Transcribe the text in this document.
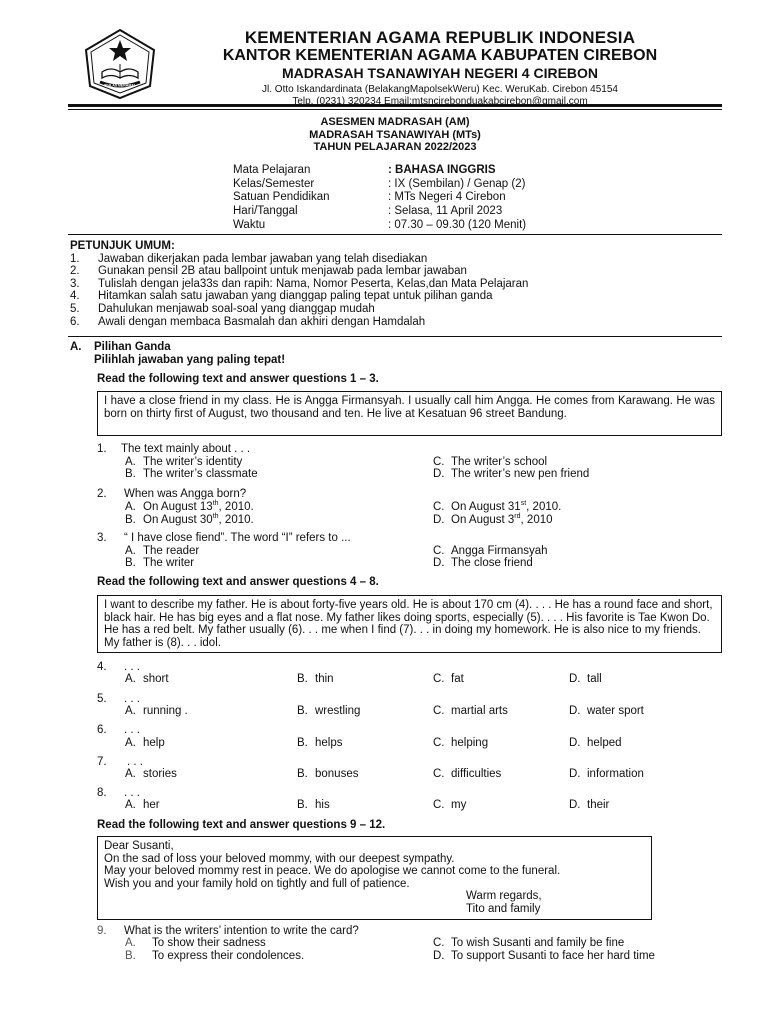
IKHLAS BERAMAL
KEMENTERIAN AGAMA REPUBLIK INDONESIA
KANTOR KEMENTERIAN AGAMA KABUPATEN CIREBON
MADRASAH TSANAWIYAH NEGERI 4 CIREBON
Jl. Otto Iskandardinata (BelakangMapolsekWeru) Kec. WeruKab. Cirebon 45154
Telp. (0231) 320234 Email:mtsncirebonduakabcirebon@gmail.com
ASESMEN MADRASAH (AM)
MADRASAH TSANAWIYAH (MTs)
TAHUN PELAJARAN 2022/2023
Mata Pelajaran	: BAHASA INGGRIS
Kelas/Semester	: IX (Sembilan) / Genap (2)
Satuan Pendidikan	: MTs Negeri 4 Cirebon
Hari/Tanggal	: Selasa, 11 April 2023
Waktu	: 07.30 – 09.30 (120 Menit)
PETUNJUK UMUM:
1.	Jawaban dikerjakan pada lembar jawaban yang telah disediakan
2.	Gunakan pensil 2B atau ballpoint untuk menjawab pada lembar jawaban
3.	Tulislah dengan jela33s dan rapih: Nama, Nomor Peserta, Kelas,dan Mata Pelajaran
4.	Hitamkan salah satu jawaban yang dianggap paling tepat untuk pilihan ganda
5.	Dahulukan menjawab soal-soal yang dianggap mudah
6.	Awali dengan membaca Basmalah dan akhiri dengan Hamdalah
A.	Pilihan Ganda
Pilihlah jawaban yang paling tepat!
Read the following text and answer questions 1 – 3.
I have a close friend in my class. He is Angga Firmansyah. I usually call him Angga. He comes from Karawang. He was born on thirty first of August, two thousand and ten. He live at Kesatuan 96 street Bandung.
1. The text mainly about . . .
A. The writer’s identity
B. The writer’s classmate
C. The writer’s school
D. The writer’s new pen friend
2. When was Angga born?
A. On August 13th, 2010.
B. On August 30th, 2010.
C. On August 31st, 2010.
D. On August 3rd, 2010
3. “ I have close fiend”. The word “I” refers to ...
A. The reader
B. The writer
C. Angga Firmansyah
D. The close friend
Read the following text and answer questions 4 – 8.
I want to describe my father. He is about forty-five years old. He is about 170 cm (4). . . . He has a round face and short, black hair. He has big eyes and a flat nose. My father likes doing sports, especially (5). . . . His favorite is Tae Kwon Do. He has a red belt. My father usually (6). . . me when I find (7). . . in doing my homework. He is also nice to my friends. My father is (8). . . idol.
4. . . .
A. short	B. thin	C. fat	D. tall
5. . . .
A. running .	B. wrestling	C. martial arts	D. water sport
6. . . .
A. help	B. helps	C. helping	D. helped
7. . . .
A. stories	B. bonuses	C. difficulties	D. information
8. . . .
A. her	B. his	C. my	D. their
Read the following text and answer questions 9 – 12.
Dear Susanti,
On the sad of loss your beloved mommy, with our deepest sympathy.
May your beloved mommy rest in peace. We do apologise we cannot come to the funeral.
Wish you and your family hold on tightly and full of patience.
Warm regards,
Tito and family
9. What is the writers’ intention to write the card?
A. To show their sadness
B. To express their condolences.
C. To wish Susanti and family be fine
D. To support Susanti to face her hard time
